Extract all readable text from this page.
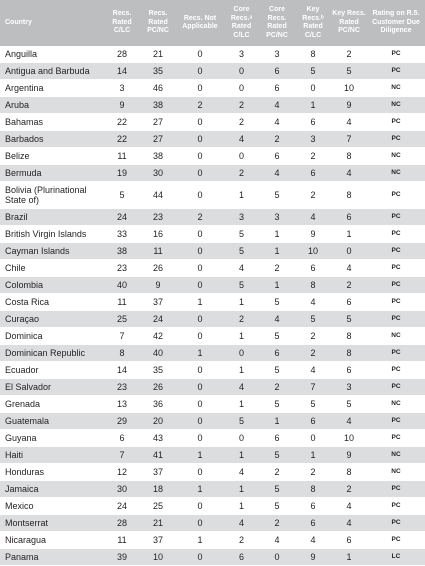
Country	Recs. Rated C/LC	Recs. Rated PC/NC	Recs. Not Applicable	Core Recs.ᵃ Rated C/LC	Core Recs. Rated PC/NC	Key Recs.ᵇ Rated C/LC	Key Recs. Rated PC/NC	Rating on R.5. Customer Due Diligence
Anguilla	28	21	0	3	3	8	2	PC
Antigua and Barbuda	14	35	0	0	6	5	5	PC
Argentina	3	46	0	0	6	0	10	NC
Aruba	9	38	2	2	4	1	9	NC
Bahamas	22	27	0	2	4	6	4	PC
Barbados	22	27	0	4	2	3	7	PC
Belize	11	38	0	0	6	2	8	NC
Bermuda	19	30	0	2	4	6	4	NC
Bolivia (Plurinational State of)	5	44	0	1	5	2	8	PC
Brazil	24	23	2	3	3	4	6	PC
British Virgin Islands	33	16	0	5	1	9	1	PC
Cayman Islands	38	11	0	5	1	10	0	PC
Chile	23	26	0	4	2	6	4	PC
Colombia	40	9	0	5	1	8	2	PC
Costa Rica	11	37	1	1	5	4	6	PC
Curaçao	25	24	0	2	4	5	5	PC
Dominica	7	42	0	1	5	2	8	NC
Dominican Republic	8	40	1	0	6	2	8	PC
Ecuador	14	35	0	1	5	4	6	PC
El Salvador	23	26	0	4	2	7	3	PC
Grenada	13	36	0	1	5	5	5	NC
Guatemala	29	20	0	5	1	6	4	PC
Guyana	6	43	0	0	6	0	10	PC
Haiti	7	41	1	1	5	1	9	NC
Honduras	12	37	0	4	2	2	8	NC
Jamaica	30	18	1	1	5	8	2	PC
Mexico	24	25	0	1	5	6	4	PC
Montserrat	28	21	0	4	2	6	4	PC
Nicaragua	11	37	1	2	4	4	6	PC
Panama	39	10	0	6	0	9	1	LC
